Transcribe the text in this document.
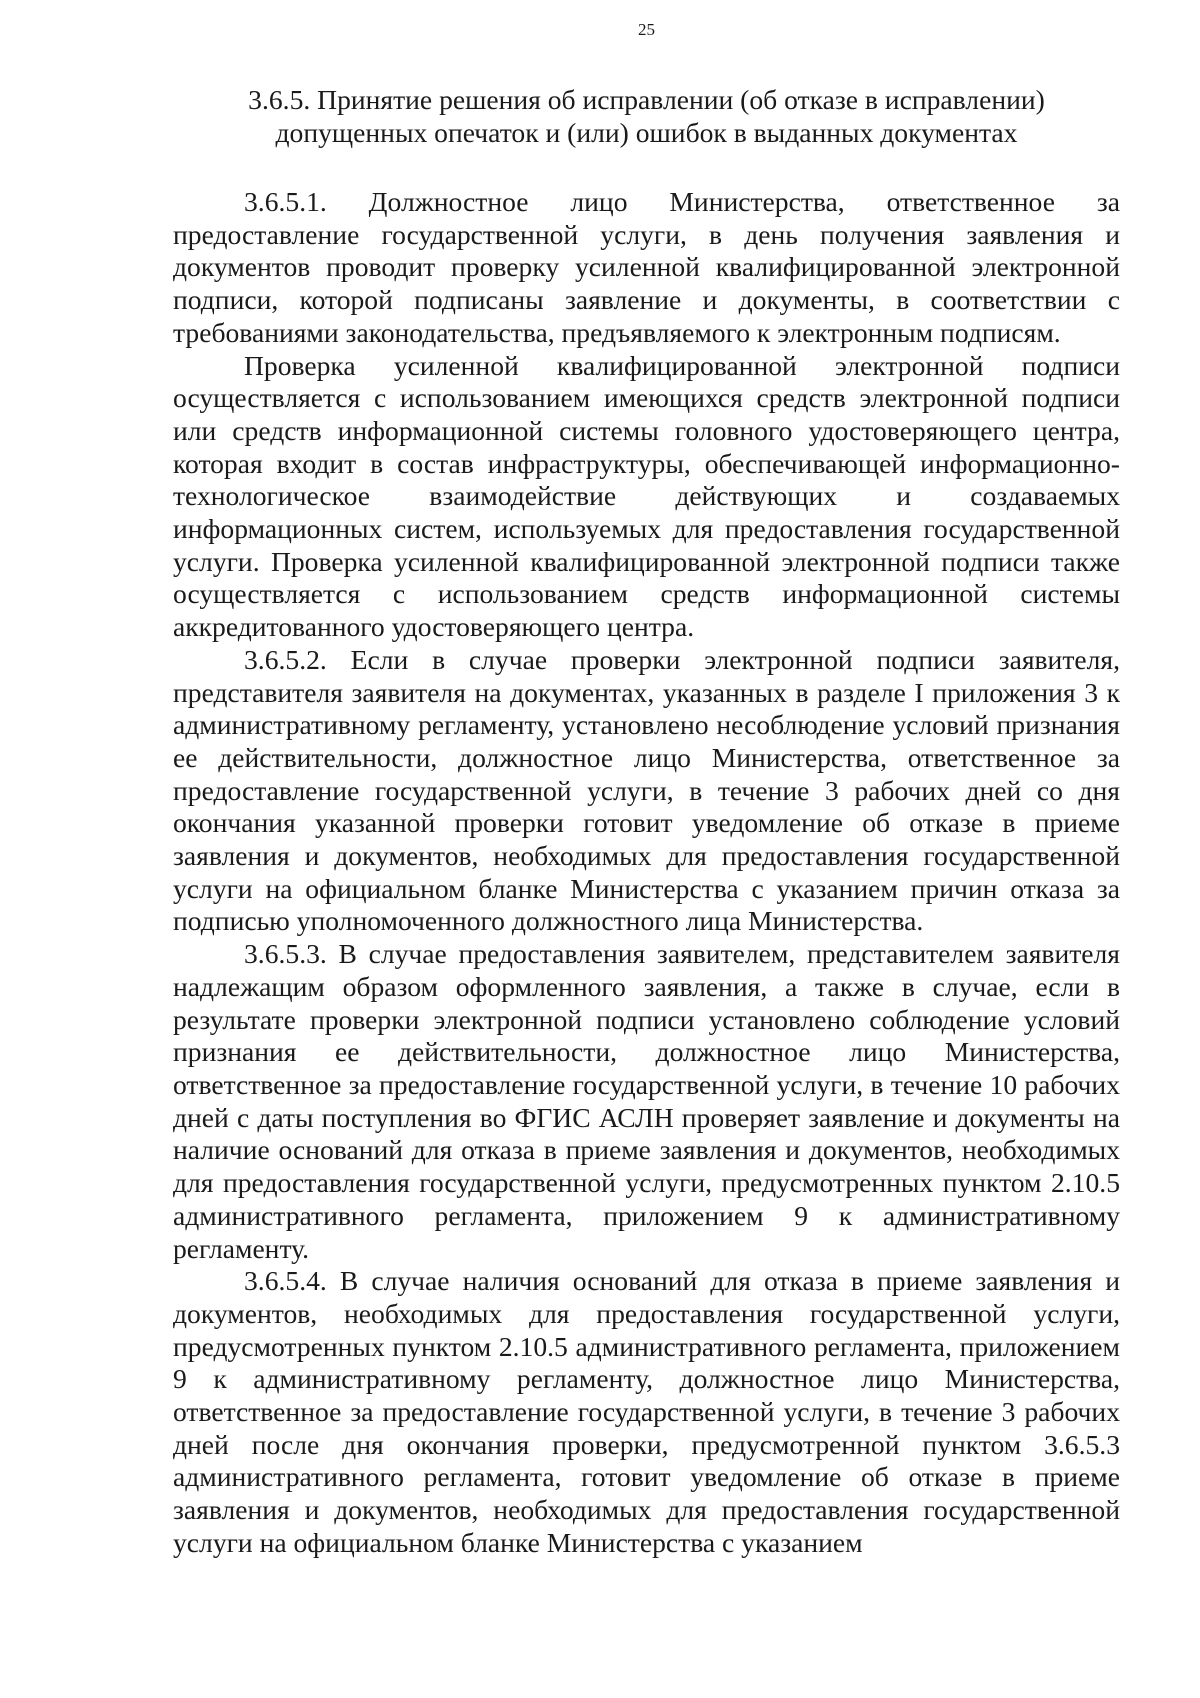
25
3.6.5. Принятие решения об исправлении (об отказе в исправлении)
допущенных опечаток и (или) ошибок в выданных документах

3.6.5.1. Должностное лицо Министерства, ответственное за предоставление государственной услуги, в день получения заявления и документов проводит проверку усиленной квалифицированной электронной подписи, которой подписаны заявление и документы, в соответствии с требованиями законодательства, предъявляемого к электронным подписям.

Проверка усиленной квалифицированной электронной подписи осуществляется с использованием имеющихся средств электронной подписи или средств информационной системы головного удостоверяющего центра, которая входит в состав инфраструктуры, обеспечивающей информационно-технологическое взаимодействие действующих и создаваемых информационных систем, используемых для предоставления государственной услуги. Проверка усиленной квалифицированной электронной подписи также осуществляется с использованием средств информационной системы аккредитованного удостоверяющего центра.

3.6.5.2. Если в случае проверки электронной подписи заявителя, представителя заявителя на документах, указанных в разделе I приложения 3 к административному регламенту, установлено несоблюдение условий признания ее действительности, должностное лицо Министерства, ответственное за предоставление государственной услуги, в течение 3 рабочих дней со дня окончания указанной проверки готовит уведомление об отказе в приеме заявления и документов, необходимых для предоставления государственной услуги на официальном бланке Министерства с указанием причин отказа за подписью уполномоченного должностного лица Министерства.

3.6.5.3. В случае предоставления заявителем, представителем заявителя надлежащим образом оформленного заявления, а также в случае, если в результате проверки электронной подписи установлено соблюдение условий признания ее действительности, должностное лицо Министерства, ответственное за предоставление государственной услуги, в течение 10 рабочих дней с даты поступления во ФГИС АСЛН проверяет заявление и документы на наличие оснований для отказа в приеме заявления и документов, необходимых для предоставления государственной услуги, предусмотренных пунктом 2.10.5 административного регламента, приложением 9 к административному регламенту.

3.6.5.4. В случае наличия оснований для отказа в приеме заявления и документов, необходимых для предоставления государственной услуги, предусмотренных пунктом 2.10.5 административного регламента, приложением 9 к административному регламенту, должностное лицо Министерства, ответственное за предоставление государственной услуги, в течение 3 рабочих дней после дня окончания проверки, предусмотренной пунктом 3.6.5.3 административного регламента, готовит уведомление об отказе в приеме заявления и документов, необходимых для предоставления государственной услуги на официальном бланке Министерства с указанием
